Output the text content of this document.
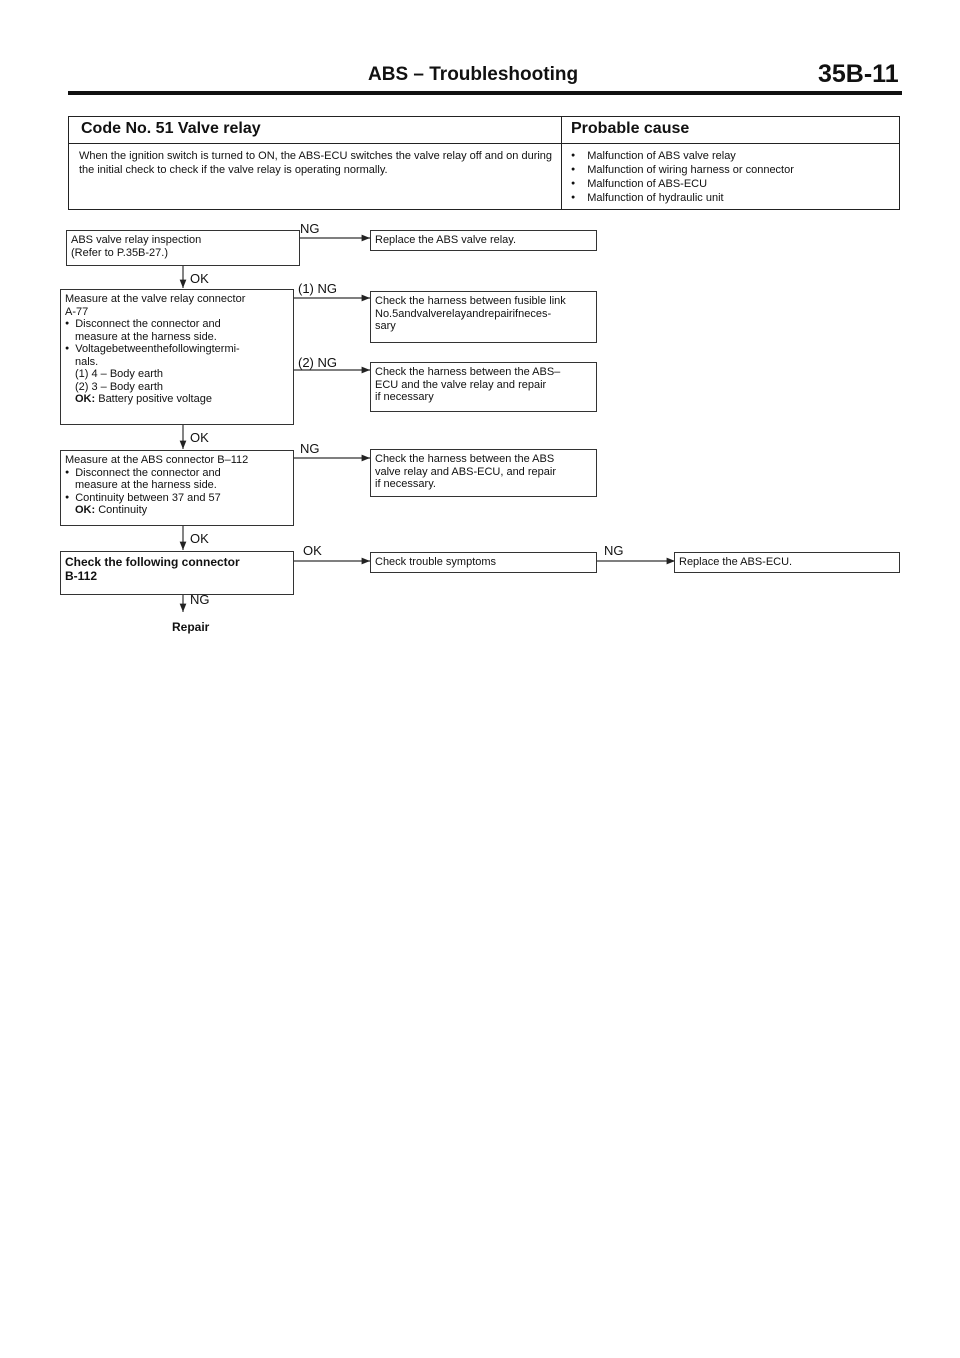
ABS – Troubleshooting	35B-11
Code No. 51 Valve relay	Probable cause
When the ignition switch is turned to ON, the ABS-ECU switches the valve relay off and on during the initial check to check if the valve relay is operating normally.
● Malfunction of ABS valve relay
● Malfunction of wiring harness or connector
● Malfunction of ABS-ECU
● Malfunction of hydraulic unit
ABS valve relay inspection
(Refer to P.35B-27.)
Measure at the valve relay connector
A-77
● Disconnect the connector and
measure at the harness side.
● Voltagebetweenthefollowingtermi-
nals.
(1) 4 – Body earth
(2) 3 – Body earth
OK: Battery positive voltage
Measure at the ABS connector B–112
● Disconnect the connector and
measure at the harness side.
● Continuity between 37 and 57
OK: Continuity
Check the following connector
B-112
Replace the ABS valve relay.
Check the harness between fusible link
No.5andvalverelayandrepairifneces-
sary
Check the harness between the ABS–
ECU and the valve relay and repair
if necessary
Check the harness between the ABS
valve relay and ABS-ECU, and repair
if necessary.
Check trouble symptoms	Replace the ABS-ECU.
NG
OK
(1) NG
(2) NG
OK
NG
OK
OK	NG
NG
Repair
